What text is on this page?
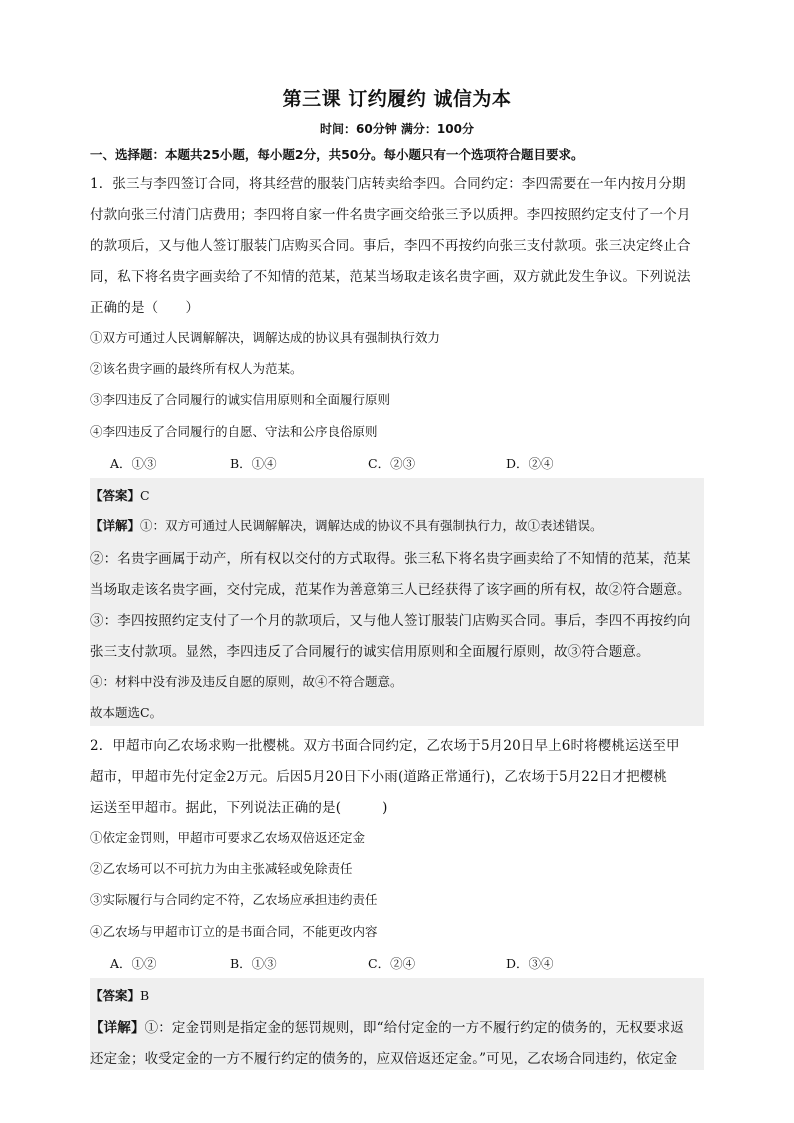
第三课 订约履约 诚信为本
时间：60分钟 满分：100分
一、选择题：本题共25小题，每小题2分，共50分。每小题只有一个选项符合题目要求。
1．张三与李四签订合同，将其经营的服装门店转卖给李四。合同约定：李四需要在一年内按月分期
付款向张三付清门店费用；李四将自家一件名贵字画交给张三予以质押。李四按照约定支付了一个月
的款项后，又与他人签订服装门店购买合同。事后，李四不再按约向张三支付款项。张三决定终止合
同，私下将名贵字画卖给了不知情的范某，范某当场取走该名贵字画，双方就此发生争议。下列说法
正确的是（　　）
①双方可通过人民调解解决，调解达成的协议具有强制执行效力
②该名贵字画的最终所有权人为范某。
③李四违反了合同履行的诚实信用原则和全面履行原则
④李四违反了合同履行的自愿、守法和公序良俗原则
A．①③	B．①④	C．②③	D．②④
【答案】C
【详解】①：双方可通过人民调解解决，调解达成的协议不具有强制执行力，故①表述错误。
②：名贵字画属于动产，所有权以交付的方式取得。张三私下将名贵字画卖给了不知情的范某，范某
当场取走该名贵字画，交付完成，范某作为善意第三人已经获得了该字画的所有权，故②符合题意。
③：李四按照约定支付了一个月的款项后，又与他人签订服装门店购买合同。事后，李四不再按约向
张三支付款项。显然，李四违反了合同履行的诚实信用原则和全面履行原则，故③符合题意。
④：材料中没有涉及违反自愿的原则，故④不符合题意。
故本题选C。
2．甲超市向乙农场求购一批樱桃。双方书面合同约定，乙农场于5月20日早上6时将樱桃运送至甲
超市，甲超市先付定金2万元。后因5月20日下小雨(道路正常通行)，乙农场于5月22日才把樱桃
运送至甲超市。据此，下列说法正确的是(　　　)
①依定金罚则，甲超市可要求乙农场双倍返还定金
②乙农场可以不可抗力为由主张减轻或免除责任
③实际履行与合同约定不符，乙农场应承担违约责任
④乙农场与甲超市订立的是书面合同，不能更改内容
A．①②	B．①③	C．②④	D．③④
【答案】B
【详解】①：定金罚则是指定金的惩罚规则，即“给付定金的一方不履行约定的债务的，无权要求返
还定金；收受定金的一方不履行约定的债务的，应双倍返还定金。”可见，乙农场合同违约，依定金
